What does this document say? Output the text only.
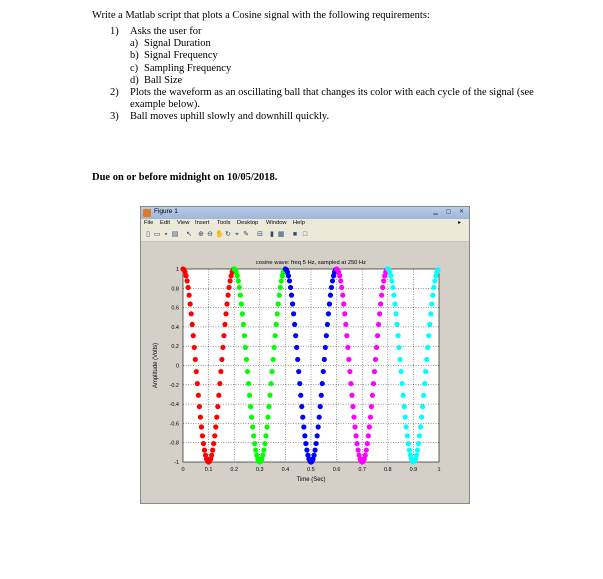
Write a Matlab script that plots a Cosine signal with the following requirements:
1) Asks the user for
a) Signal Duration
b) Signal Frequency
c) Sampling Frequency
d) Ball Size
2) Plots the waveform as an oscillating ball that changes its color with each cycle of the signal (see example below).
3) Ball moves uphill slowly and downhill quickly.
Due on or before midnight on 10/05/2018.
Figure 1	▁	▢	✕
File Edit View Insert Tools Desktop Window Help	▸
▯ ▭ ▪ ▤ ↖ ⊕ ⊖ ✋ ↻ ⌖ ✎ ⊟ ▮ ▦ ■ □
0	0.1	0.2	0.3	0.4	0.5	0.6	0.7	0.8	0.9	1
1
0.8
0.6
0.4
0.2
0
-0.2
-0.4
-0.6
-0.8
-1
cosine wave: freq 5 Hz, sampled at 250 Hz
Time (Sec)
Amplitude (Volts)
